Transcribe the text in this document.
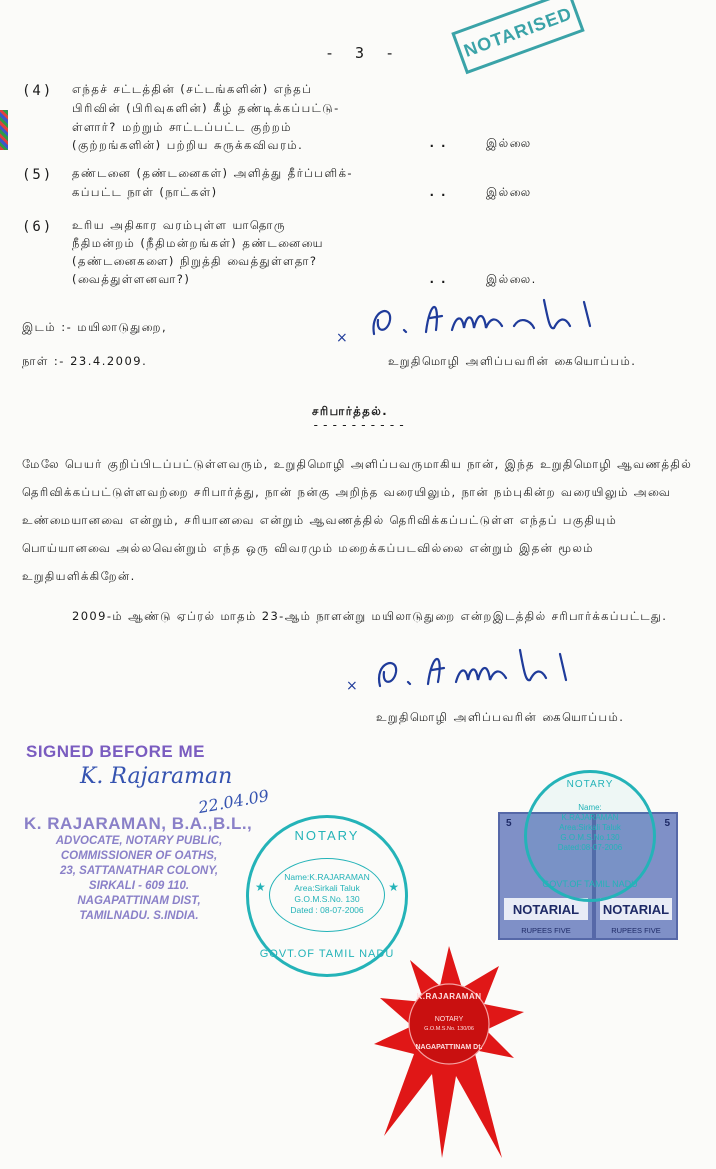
- 3 -	NOTARISED
(4) எந்தச் சட்டத்தின் (சட்டங்களின்) எந்தப்
பிரிவின் (பிரிவுகளின்) கீழ் தண்டிக்கப்பட்டு-
ள்ளார்? மற்றும் சாட்டப்பட்ட குற்றம்
(குற்றங்களின்) பற்றிய சுருக்கவிவரம்.	..	இல்லை
(5) தண்டனை (தண்டனைகள்) அளித்து தீர்ப்பளிக்-
கப்பட்ட நாள் (நாட்கள்)	..	இல்லை
(6) உரிய அதிகார வரம்புள்ள யாதொரு
நீதிமன்றம் (நீதிமன்றங்கள்) தண்டனையை
(தண்டனைகளை) நிறுத்தி வைத்துள்ளதா?
(வைத்துள்ளனவா?)	..	இல்லை.
இடம் :- மயிலாடுதுறை,
நாள் :- 23.4.2009.
×
உறுதிமொழி அளிப்பவரின் கையொப்பம்.
சரிபார்த்தல்.
----------
மேலே பெயர் குறிப்பிடப்பட்டுள்ளவரும், உறுதிமொழி அளிப்பவருமாகிய நான், இந்த உறுதிமொழி ஆவணத்தில் தெரிவிக்கப்பட்டுள்ளவற்றை சரிபார்த்து, நான் நன்கு அறிந்த வரையிலும், நான் நம்புகின்ற வரையிலும் அவை உண்மையானவை என்றும், சரியானவை என்றும் ஆவணத்தில் தெரிவிக்கப்பட்டுள்ள எந்தப் பகுதியும் பொய்யானவை அல்லவென்றும் எந்த ஒரு விவரமும் மறைக்கப்படவில்லை என்றும் இதன் மூலம் உறுதியளிக்கிறேன்.
2009-ம் ஆண்டு ஏப்ரல் மாதம் 23-ஆம் நாளன்று மயிலாடுதுறை என்றஇடத்தில் சரிபார்க்கப்பட்டது.
×
உறுதிமொழி அளிப்பவரின் கையொப்பம்.
SIGNED BEFORE ME
K. Rajaraman
22.04.09
K. RAJARAMAN, B.A.,B.L.,
ADVOCATE, NOTARY PUBLIC,
COMMISSIONER OF OATHS,
23, SATTANATHAR COLONY,
SIRKALI - 609 110.
NAGAPATTINAM DIST,
TAMILNADU. S.INDIA.
NOTARY
Name:K.RAJARAMAN
Area:Sirkali Taluk
G.O.M.S.No. 130
Dated : 08-07-2006
GOVT.OF TAMIL NADU
★	★
5
NOTARIAL
RUPEES FIVE
5
NOTARIAL
RUPEES FIVE
NOTARY
Name:
K.RAJARAMAN
Area:Sirkali Taluk
G.O.M.S.No.130
Dated:08-07-2006
GOVT.OF TAMIL NADU
K.RAJARAMAN
NOTARY
G.O.M.S.No. 130/06
NAGAPATTINAM Dt.
